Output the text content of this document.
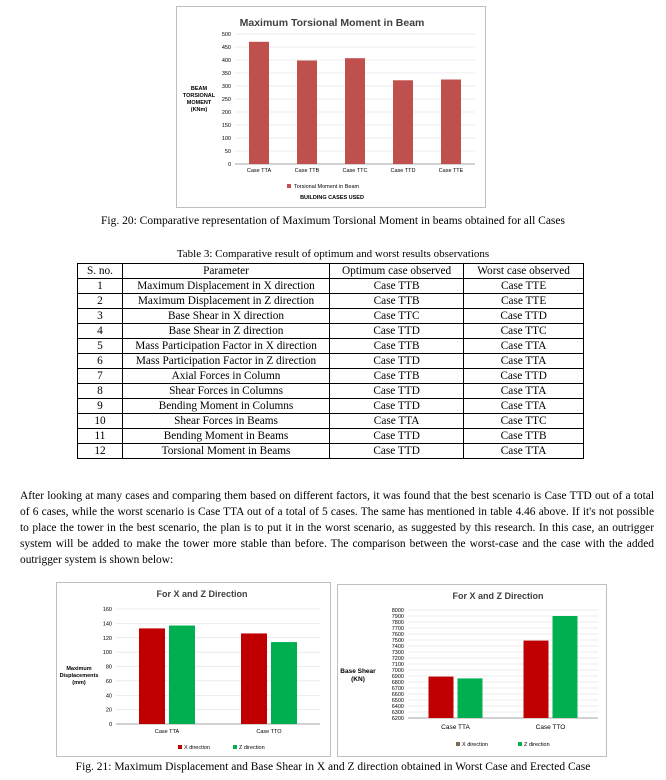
Maximum Torsional Moment in Beam
BEAM
TORSIONAL
MOMENT
(KNm)
0
50
100
150
200
250
300
350
400
450
500
Case TTA	Case TTB	Case TTC	Case TTD	Case TTE
Torsional Moment in Beam
BUILDING CASES USED
Fig. 20: Comparative representation of Maximum Torsional Moment in beams obtained for all Cases
Table 3: Comparative result of optimum and worst results observations
S. no.	Parameter	Optimum case observed	Worst case observed
1	Maximum Displacement in X direction	Case TTB	Case TTE
2	Maximum Displacement in Z direction	Case TTB	Case TTE
3	Base Shear in X direction	Case TTC	Case TTD
4	Base Shear in Z direction	Case TTD	Case TTC
5	Mass Participation Factor in X direction	Case TTB	Case TTA
6	Mass Participation Factor in Z direction	Case TTD	Case TTA
7	Axial Forces in Column	Case TTB	Case TTD
8	Shear Forces in Columns	Case TTD	Case TTA
9	Bending Moment in Columns	Case TTD	Case TTA
10	Shear Forces in Beams	Case TTA	Case TTC
11	Bending Moment in Beams	Case TTD	Case TTB
12	Torsional Moment in Beams	Case TTD	Case TTA
After looking at many cases and comparing them based on different factors, it was found that the best scenario is Case TTD out of a total of 6 cases, while the worst scenario is Case TTA out of a total of 5 cases. The same has mentioned in table 4.46 above. If it's not possible to place the tower in the best scenario, the plan is to put it in the worst scenario, as suggested by this research. In this case, an outrigger system will be added to make the tower more stable than before. The comparison between the worst-case and the case with the added outrigger system is shown below:
For X and Z Direction
Maximum
Displacements
(mm)
0
20
40
60
80
100
120
140
160
Case TTA	Case TTO
X direction	Z direction
For X and Z Direction
Base Shear
(KN)
6200
6300
6400
6500
6600
6700
6800
6900
7000
7100
7200
7300
7400
7500
7600
7700
7800
7900
8000
Case TTA	Case TTO
X direction	Z direction
Fig. 21: Maximum Displacement and Base Shear in X and Z direction obtained in Worst Case and Erected Case
